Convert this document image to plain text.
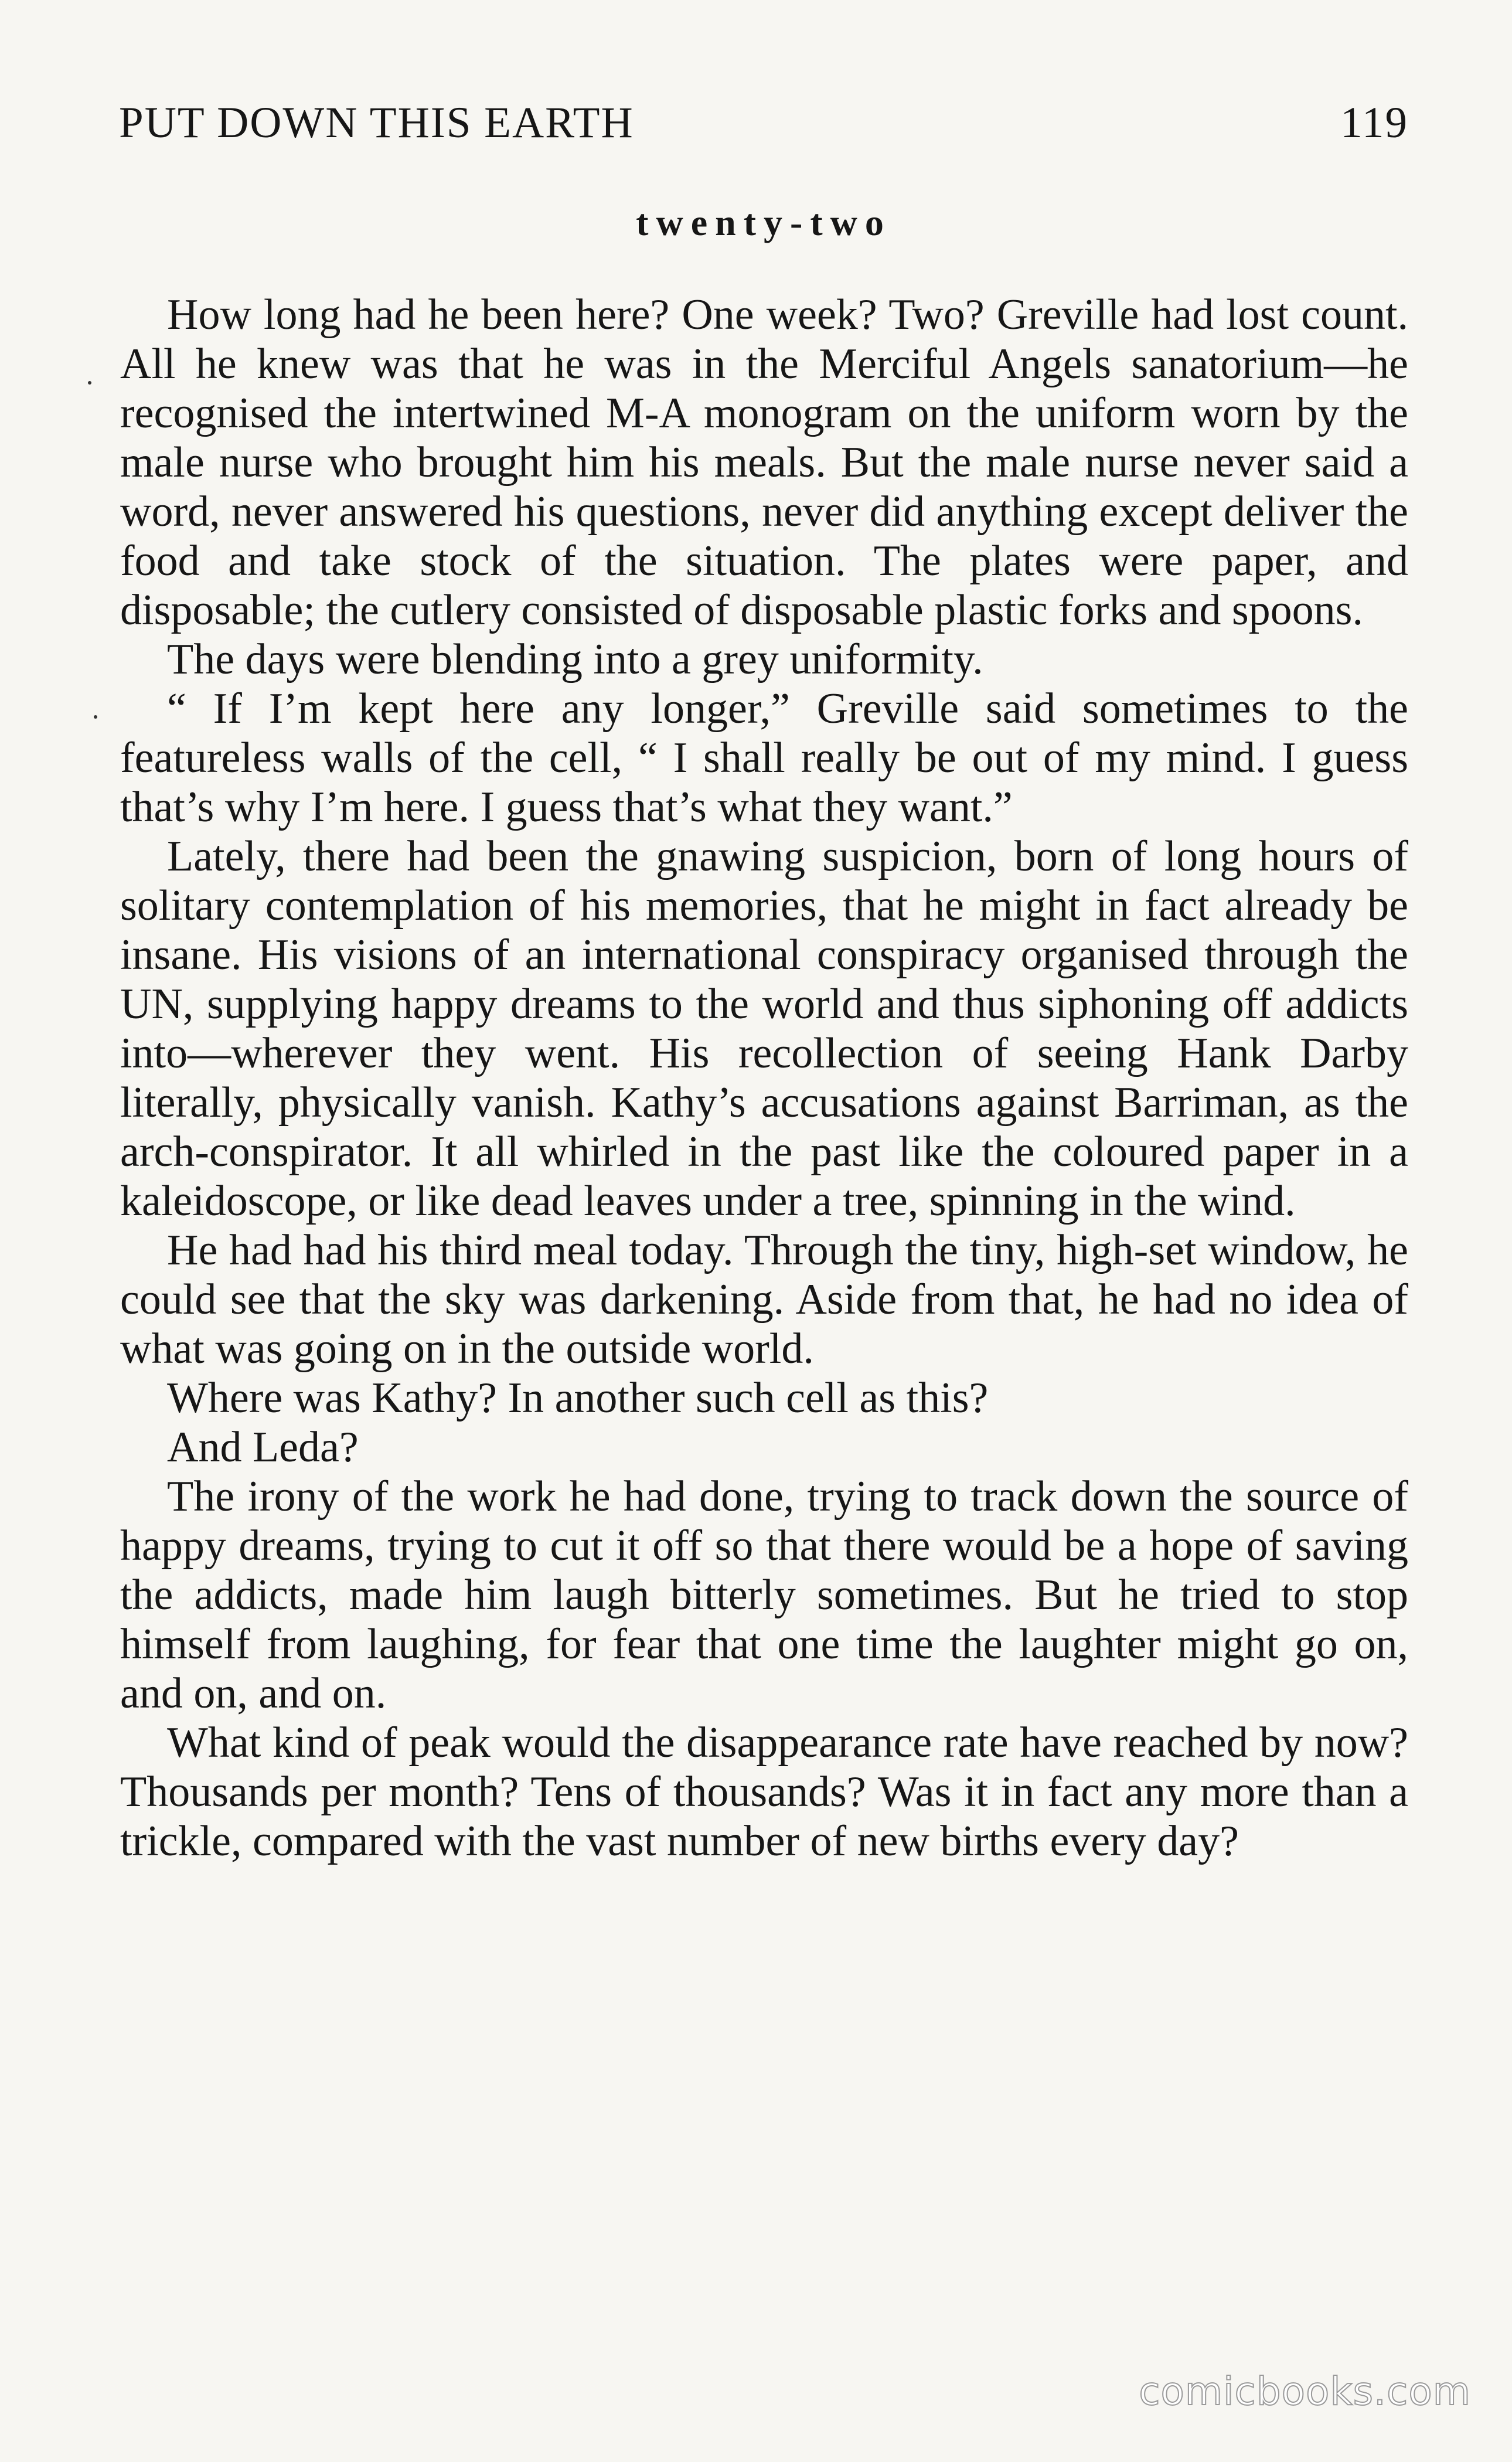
PUT DOWN THIS EARTH	119
twenty-two

How long had he been here? One week? Two? Greville had lost count. All he knew was that he was in the Merciful Angels sanatorium—he recognised the intertwined M-A monogram on the uniform worn by the male nurse who brought him his meals. But the male nurse never said a word, never answered his questions, never did anything except deliver the food and take stock of the situation. The plates were paper, and disposable; the cutlery consisted of disposable plastic forks and spoons.

The days were blending into a grey uniformity.

“ If I’m kept here any longer,” Greville said sometimes to the featureless walls of the cell, “ I shall really be out of my mind. I guess that’s why I’m here. I guess that’s what they want.”

Lately, there had been the gnawing suspicion, born of long hours of solitary contemplation of his memories, that he might in fact already be insane. His visions of an international conspiracy organised through the UN, supplying happy dreams to the world and thus siphoning off addicts into—wherever they went. His recollection of seeing Hank Darby literally, physically vanish. Kathy’s accusations against Barriman, as the arch-conspirator. It all whirled in the past like the coloured paper in a kaleidoscope, or like dead leaves under a tree, spinning in the wind.

He had had his third meal today. Through the tiny, high-set window, he could see that the sky was darkening. Aside from that, he had no idea of what was going on in the outside world.

Where was Kathy? In another such cell as this?

And Leda?

The irony of the work he had done, trying to track down the source of happy dreams, trying to cut it off so that there would be a hope of saving the addicts, made him laugh bitterly sometimes. But he tried to stop himself from laughing, for fear that one time the laughter might go on, and on, and on.

What kind of peak would the disappearance rate have reached by now? Thousands per month? Tens of thousands? Was it in fact any more than a trickle, compared with the vast number of new births every day?

comicbooks.com
